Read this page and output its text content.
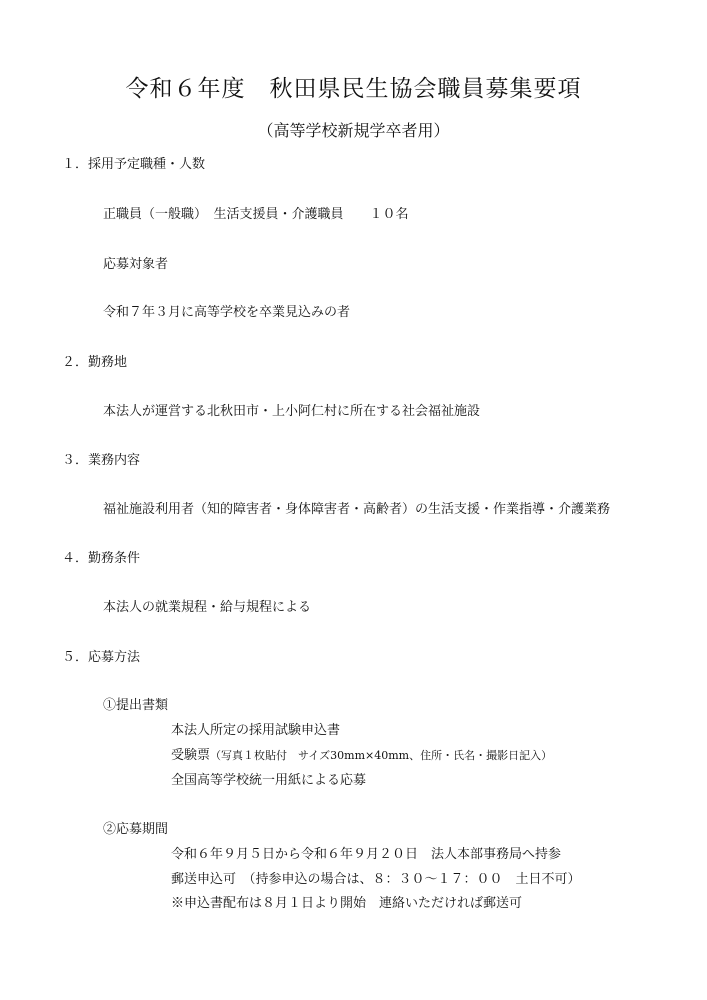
令和６年度　秋田県民生協会職員募集要項
（高等学校新規学卒者用）
１．採用予定職種・人数
正職員（一般職）　生活支援員・介護職員　　１０名
応募対象者
令和７年３月に高等学校を卒業見込みの者
２．勤務地
本法人が運営する北秋田市・上小阿仁村に所在する社会福祉施設
３．業務内容
福祉施設利用者（知的障害者・身体障害者・高齢者）の生活支援・作業指導・介護業務
４．勤務条件
本法人の就業規程・給与規程による
５．応募方法
①提出書類
本法人所定の採用試験申込書
受験票（写真１枚貼付　サイズ30mm×40mm、住所・氏名・撮影日記入）
全国高等学校統一用紙による応募
②応募期間
令和６年９月５日から令和６年９月２０日　法人本部事務局へ持参
郵送申込可　（持参申込の場合は、８：３０～１７：００　土日不可）
※申込書配布は８月１日より開始　連絡いただければ郵送可
